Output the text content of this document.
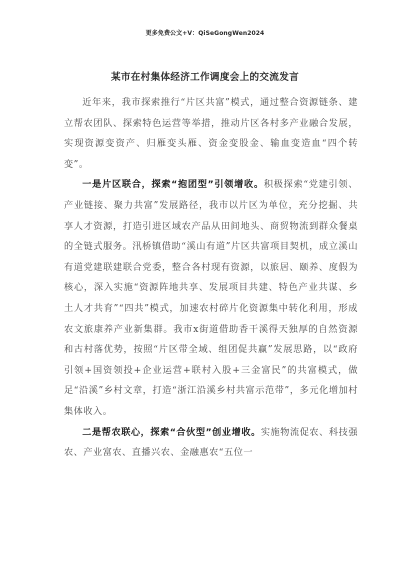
更多免费公文+V：QiSeGongWen2024
某市在村集体经济工作调度会上的交流发言

近年来，我市探索推行“片区共富”模式，通过整合资源链条、建立帮农团队、探索特色运营等举措，推动片区各村多产业融合发展，实现资源变资产、归雁变头雁、资金变股金、输血变造血“四个转变”。

一是片区联合，探索“抱团型”引领增收。积极探索“党建引领、产业链接、聚力共富”发展路径，我市以片区为单位，充分挖掘、共享人才资源，打造引进区域农产品从田间地头、商贸物流到群众餐桌的全链式服务。汛桥镇借助“溪山有道”片区共富项目契机，成立溪山有道党建联建联合党委，整合各村现有资源，以旅居、颐养、度假为核心，深入实施“资源阵地共享、发展项目共建、特色产业共谋、乡土人才共育”“四共”模式，加速农村碎片化资源集中转化利用，形成农文旅康养产业新集群。我市x街道借助香干溪得天独厚的自然资源和古村落优势，按照“片区带全域、组团促共赢”发展思路，以“政府引领+国资领投+企业运营+联村入股+三金富民”的共富模式，做足“沿溪”乡村文章，打造“浙江沿溪乡村共富示范带”，多元化增加村集体收入。

二是帮农联心，探索“合伙型”创业增收。实施物流促农、科技强农、产业富农、直播兴农、金融惠农“五位一
